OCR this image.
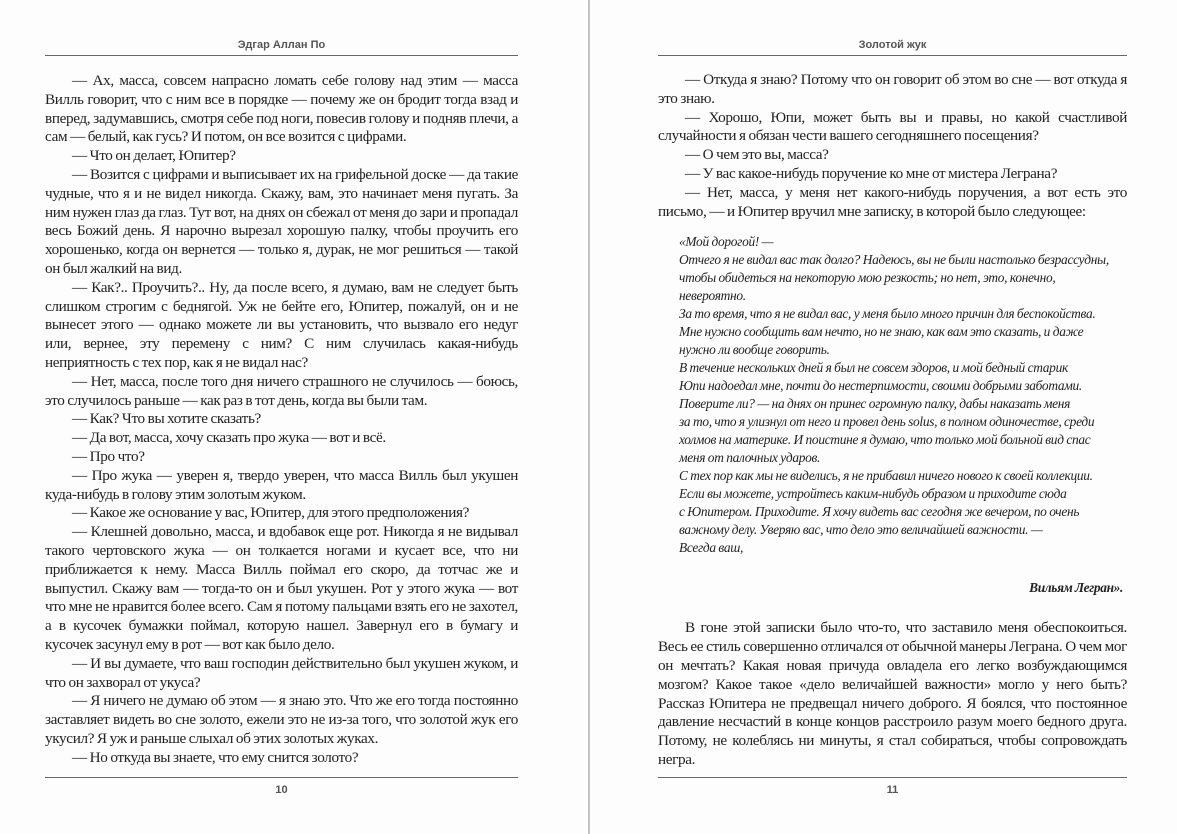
Эдгар Аллан По

— Ах, масса, совсем напрасно ломать себе голову над этим — масса Вилль говорит, что с ним все в порядке — почему же он бродит тогда взад и вперед, задумавшись, смотря себе под ноги, повесив голову и подняв плечи, а сам — белый, как гусь? И потом, он все возится с цифрами.

— Что он делает, Юпитер?

— Возится с цифрами и выписывает их на грифельной доске — да такие чудные, что я и не видел никогда. Скажу, вам, это начинает меня пугать. За ним нужен глаз да глаз. Тут вот, на днях он сбежал от меня до зари и пропадал весь Божий день. Я нарочно вырезал хорошую палку, чтобы проучить его хорошенько, когда он вернется — только я, дурак, не мог решиться — такой он был жалкий на вид.

— Как?.. Проучить?.. Ну, да после всего, я думаю, вам не следует быть слишком строгим с беднягой. Уж не бейте его, Юпитер, пожалуй, он и не вынесет этого — однако можете ли вы установить, что вызвало его недуг или, вернее, эту перемену с ним? С ним случилась какая-нибудь неприятность с тех пор, как я не видал нас?

— Нет, масса, после того дня ничего страшного не случилось — боюсь, это случилось раньше — как раз в тот день, когда вы были там.

— Как? Что вы хотите сказать?

— Да вот, масса, хочу сказать про жука — вот и всё.

— Про что?

— Про жука — уверен я, твердо уверен, что масса Вилль был укушен куда-нибудь в голову этим золотым жуком.

— Какое же основание у вас, Юпитер, для этого предположения?

— Клешней довольно, масса, и вдобавок еще рот. Никогда я не видывал такого чертовского жука — он толкается ногами и кусает все, что ни приближается к нему. Масса Вилль поймал его скоро, да тотчас же и выпустил. Скажу вам — тогда-то он и был укушен. Рот у этого жука — вот что мне не нравится более всего. Сам я потому пальцами взять его не захотел, а в кусочек бумажки поймал, которую нашел. Завернул его в бумагу и кусочек засунул ему в рот — вот как было дело.

— И вы думаете, что ваш господин действительно был укушен жуком, и что он захворал от укуса?

— Я ничего не думаю об этом — я знаю это. Что же его тогда постоянно заставляет видеть во сне золото, ежели это не из-за того, что золотой жук его укусил? Я уж и раньше слыхал об этих золотых жуках.

— Но откуда вы знаете, что ему снится золото?

10
Золотой жук

— Откуда я знаю? Потому что он говорит об этом во сне — вот откуда я это знаю.

— Хорошо, Юпи, может быть вы и правы, но какой счастливой случайности я обязан чести вашего сегодняшнего посещения?

— О чем это вы, масса?

— У вас какое-нибудь поручение ко мне от мистера Леграна?

— Нет, масса, у меня нет какого-нибудь поручения, а вот есть это письмо, — и Юпитер вручил мне записку, в которой было следующее:

«Мой дорогой! —
Отчего я не видал вас так долго? Надеюсь, вы не были настолько безрассудны,
чтобы обидеться на некоторую мою резкость; но нет, это, конечно,
невероятно.
За то время, что я не видал вас, у меня было много причин для беспокойства.
Мне нужно сообщить вам нечто, но не знаю, как вам это сказать, и даже
нужно ли вообще говорить.
В течение нескольких дней я был не совсем здоров, и мой бедный старик
Юпи надоедал мне, почти до нестерпимости, своими добрыми заботами.
Поверите ли? — на днях он принес огромную палку, дабы наказать меня
за то, что я улизнул от него и провел день solus, в полном одиночестве, среди
холмов на материке. И поистине я думаю, что только мой больной вид спас
меня от палочных ударов.
С тех пор как мы не виделись, я не прибавил ничего нового к своей коллекции.
Если вы можете, устройтесь каким-нибудь образом и приходите сюда
с Юпитером. Приходите. Я хочу видеть вас сегодня же вечером, по очень
важному делу. Уверяю вас, что дело это величайшей важности. —
Всегда ваш,
Вильям Легран».

В гоне этой записки было что-то, что заставило меня обеспокоиться. Весь ее стиль совершенно отличался от обычной манеры Леграна. О чем мог он мечтать? Какая новая причуда овладела его легко возбуждающимся мозгом? Какое такое «дело величайшей важности» могло у него быть? Рассказ Юпитера не предвещал ничего доброго. Я боялся, что постоянное давление несчастий в конце концов расстроило разум моего бедного друга. Потому, не колеблясь ни минуты, я стал собираться, чтобы сопровождать негра.

11
